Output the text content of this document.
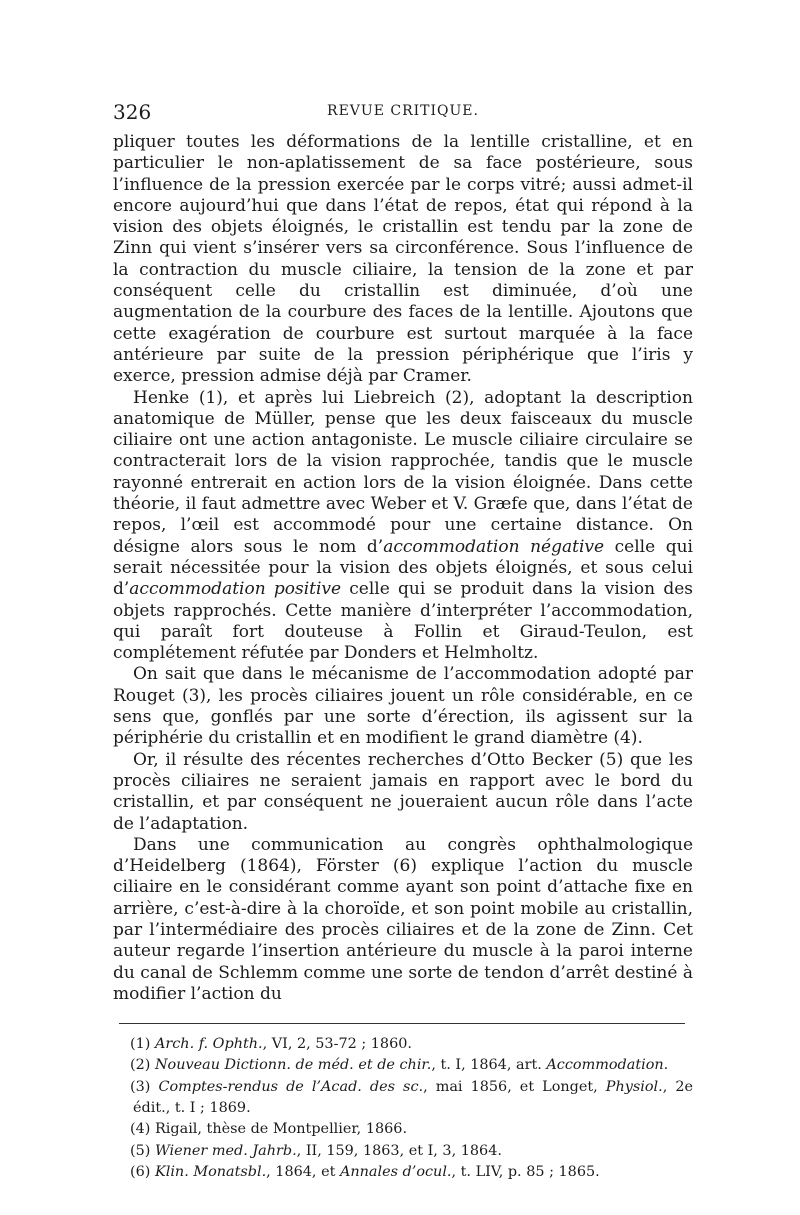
326	REVUE CRITIQUE.

pliquer toutes les déformations de la lentille cristalline, et en particulier le non-aplatissement de sa face postérieure, sous l’influence de la pression exercée par le corps vitré; aussi admet-il encore aujourd’hui que dans l’état de repos, état qui répond à la vision des objets éloignés, le cristallin est tendu par la zone de Zinn qui vient s’insérer vers sa circonférence. Sous l’influence de la contraction du muscle ciliaire, la tension de la zone et par conséquent celle du cristallin est diminuée, d’où une augmentation de la courbure des faces de la lentille. Ajoutons que cette exagération de courbure est surtout marquée à la face antérieure par suite de la pression périphérique que l’iris y exerce, pression admise déjà par Cramer.

Henke (1), et après lui Liebreich (2), adoptant la description anatomique de Müller, pense que les deux faisceaux du muscle ciliaire ont une action antagoniste. Le muscle ciliaire circulaire se contracterait lors de la vision rapprochée, tandis que le muscle rayonné entrerait en action lors de la vision éloignée. Dans cette théorie, il faut admettre avec Weber et V. Græfe que, dans l’état de repos, l’œil est accommodé pour une certaine distance. On désigne alors sous le nom d’accommodation négative celle qui serait nécessitée pour la vision des objets éloignés, et sous celui d’accommodation positive celle qui se produit dans la vision des objets rapprochés. Cette manière d’interpréter l’accommodation, qui paraît fort douteuse à Follin et Giraud-Teulon, est complétement réfutée par Donders et Helmholtz.

On sait que dans le mécanisme de l’accommodation adopté par Rouget (3), les procès ciliaires jouent un rôle considérable, en ce sens que, gonflés par une sorte d’érection, ils agissent sur la périphérie du cristallin et en modifient le grand diamètre (4).

Or, il résulte des récentes recherches d’Otto Becker (5) que les procès ciliaires ne seraient jamais en rapport avec le bord du cristallin, et par conséquent ne joueraient aucun rôle dans l’acte de l’adaptation.

Dans une communication au congrès ophthalmologique d’Heidelberg (1864), Förster (6) explique l’action du muscle ciliaire en le considérant comme ayant son point d’attache fixe en arrière, c’est-à-dire à la choroïde, et son point mobile au cristallin, par l’intermédiaire des procès ciliaires et de la zone de Zinn. Cet auteur regarde l’insertion antérieure du muscle à la paroi interne du canal de Schlemm comme une sorte de tendon d’arrêt destiné à modifier l’action du

(1) Arch. f. Ophth., VI, 2, 53-72 ; 1860.

(2) Nouveau Dictionn. de méd. et de chir., t. I, 1864, art. Accommodation.

(3) Comptes-rendus de l’Acad. des sc., mai 1856, et Longet, Physiol., 2e édit., t. I ; 1869.

(4) Rigail, thèse de Montpellier, 1866.

(5) Wiener med. Jahrb., II, 159, 1863, et I, 3, 1864.

(6) Klin. Monatsbl., 1864, et Annales d’ocul., t. LIV, p. 85 ; 1865.
